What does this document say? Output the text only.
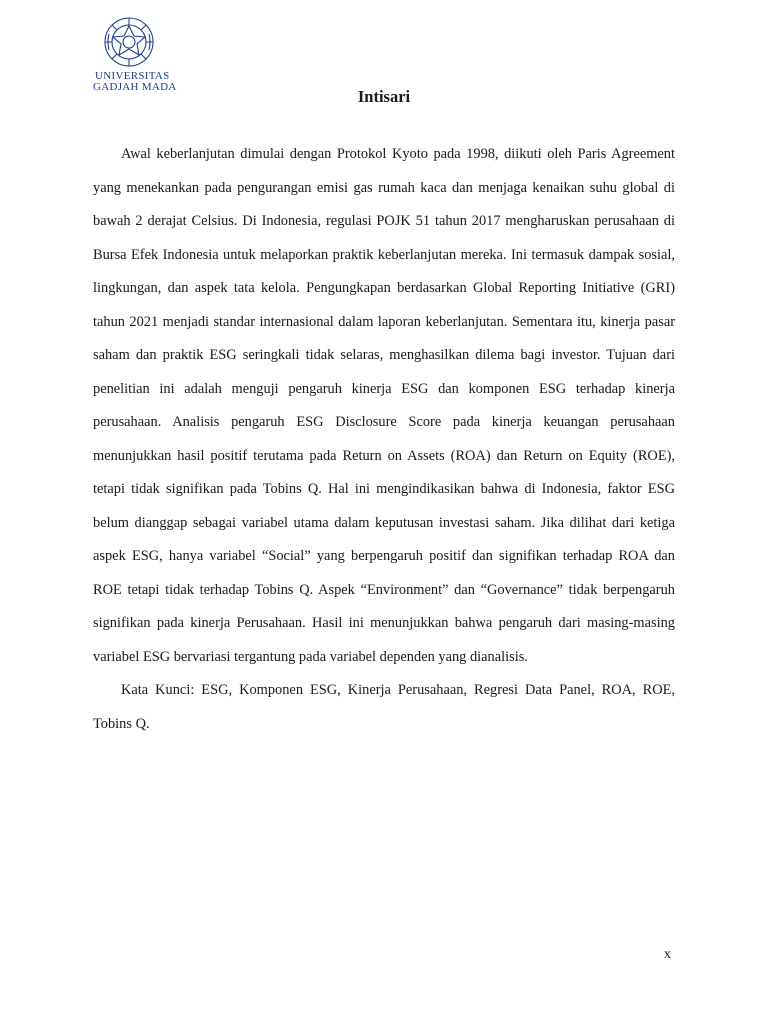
UNIVERSITAS
GADJAH MADA	Intisari

Awal keberlanjutan dimulai dengan Protokol Kyoto pada 1998, diikuti oleh Paris Agreement yang menekankan pada pengurangan emisi gas rumah kaca dan menjaga kenaikan suhu global di bawah 2 derajat Celsius. Di Indonesia, regulasi POJK 51 tahun 2017 mengharuskan perusahaan di Bursa Efek Indonesia untuk melaporkan praktik keberlanjutan mereka. Ini termasuk dampak sosial, lingkungan, dan aspek tata kelola. Pengungkapan berdasarkan Global Reporting Initiative (GRI) tahun 2021 menjadi standar internasional dalam laporan keberlanjutan. Sementara itu, kinerja pasar saham dan praktik ESG seringkali tidak selaras, menghasilkan dilema bagi investor. Tujuan dari penelitian ini adalah menguji pengaruh kinerja ESG dan komponen ESG terhadap kinerja perusahaan. Analisis pengaruh ESG Disclosure Score pada kinerja keuangan perusahaan menunjukkan hasil positif terutama pada Return on Assets (ROA) dan Return on Equity (ROE), tetapi tidak signifikan pada Tobins Q. Hal ini mengindikasikan bahwa di Indonesia, faktor ESG belum dianggap sebagai variabel utama dalam keputusan investasi saham. Jika dilihat dari ketiga aspek ESG, hanya variabel “Social” yang berpengaruh positif dan signifikan terhadap ROA dan ROE tetapi tidak terhadap Tobins Q. Aspek “Environment” dan “Governance” tidak berpengaruh signifikan pada kinerja Perusahaan. Hasil ini menunjukkan bahwa pengaruh dari masing-masing variabel ESG bervariasi tergantung pada variabel dependen yang dianalisis.

Kata Kunci: ESG, Komponen ESG, Kinerja Perusahaan, Regresi Data Panel, ROA, ROE, Tobins Q.

x
